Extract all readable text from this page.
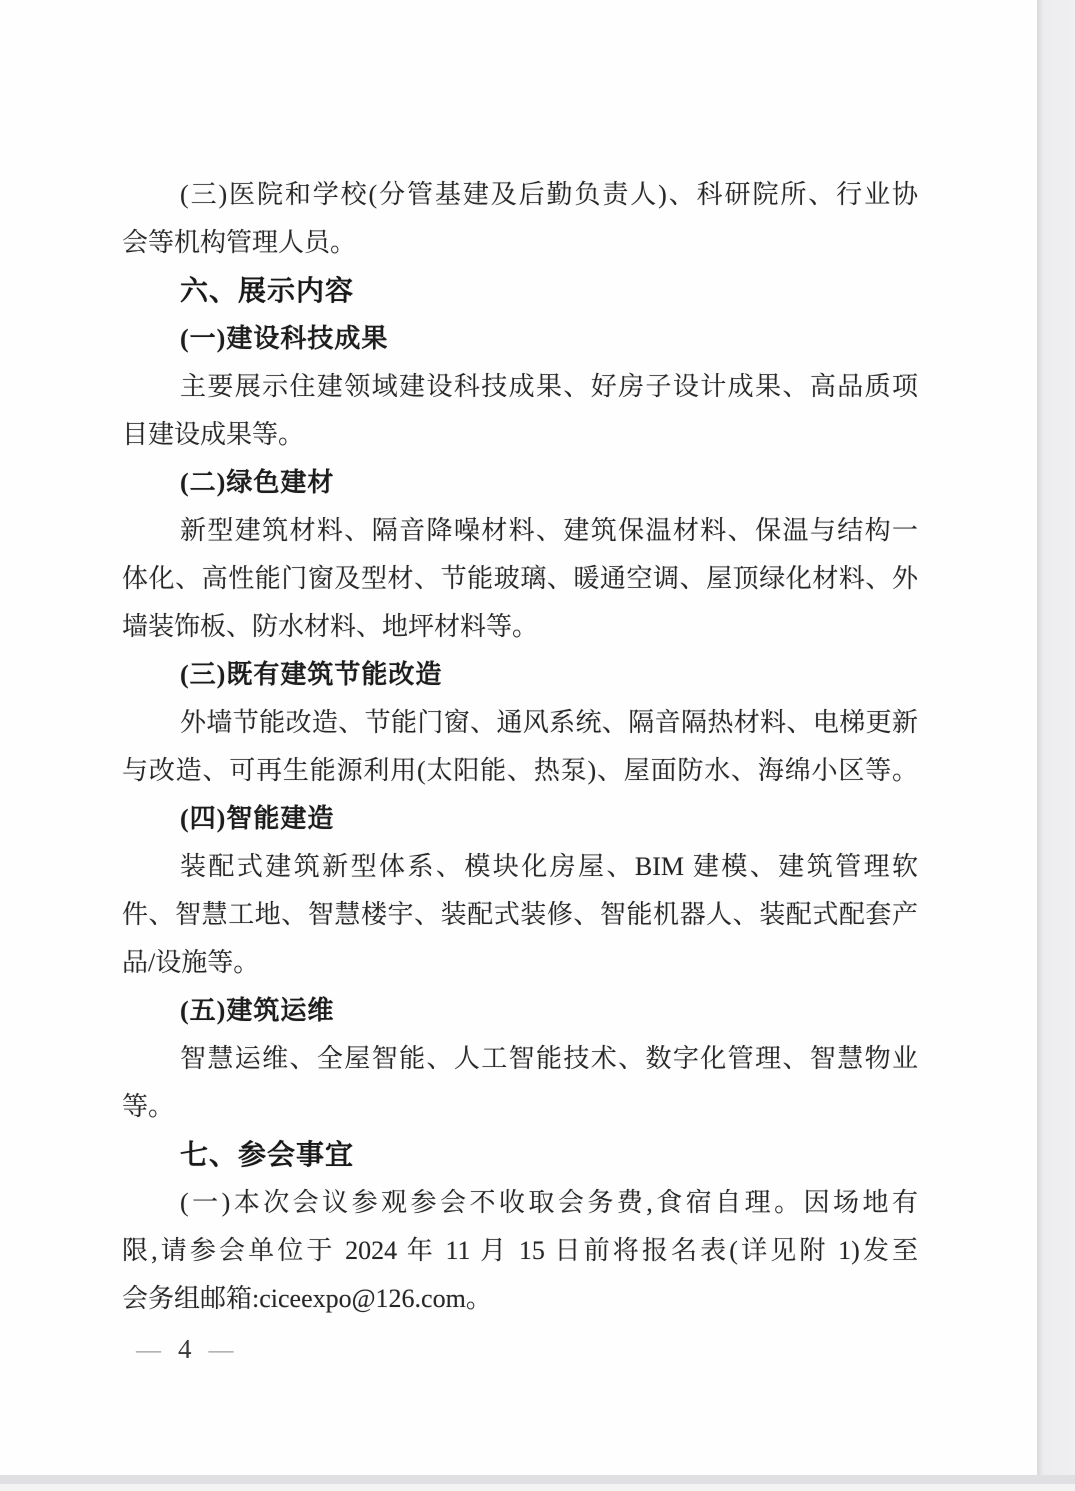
(三)医院和学校(分管基建及后勤负责人)、科研院所、行业协
会等机构管理人员。
六、展示内容
(一)建设科技成果
主要展示住建领域建设科技成果、好房子设计成果、高品质项
目建设成果等。
(二)绿色建材
新型建筑材料、隔音降噪材料、建筑保温材料、保温与结构一
体化、高性能门窗及型材、节能玻璃、暖通空调、屋顶绿化材料、外
墙装饰板、防水材料、地坪材料等。
(三)既有建筑节能改造
外墙节能改造、节能门窗、通风系统、隔音隔热材料、电梯更新
与改造、可再生能源利用(太阳能、热泵)、屋面防水、海绵小区等。
(四)智能建造
装配式建筑新型体系、模块化房屋、BIM 建模、建筑管理软
件、智慧工地、智慧楼宇、装配式装修、智能机器人、装配式配套产
品/设施等。
(五)建筑运维
智慧运维、全屋智能、人工智能技术、数字化管理、智慧物业
等。
七、参会事宜
(一)本次会议参观参会不收取会务费,食宿自理。因场地有
限,请参会单位于 2024 年 11 月 15 日前将报名表(详见附 1)发至
会务组邮箱:ciceexpo@126.com。
— 4 —
